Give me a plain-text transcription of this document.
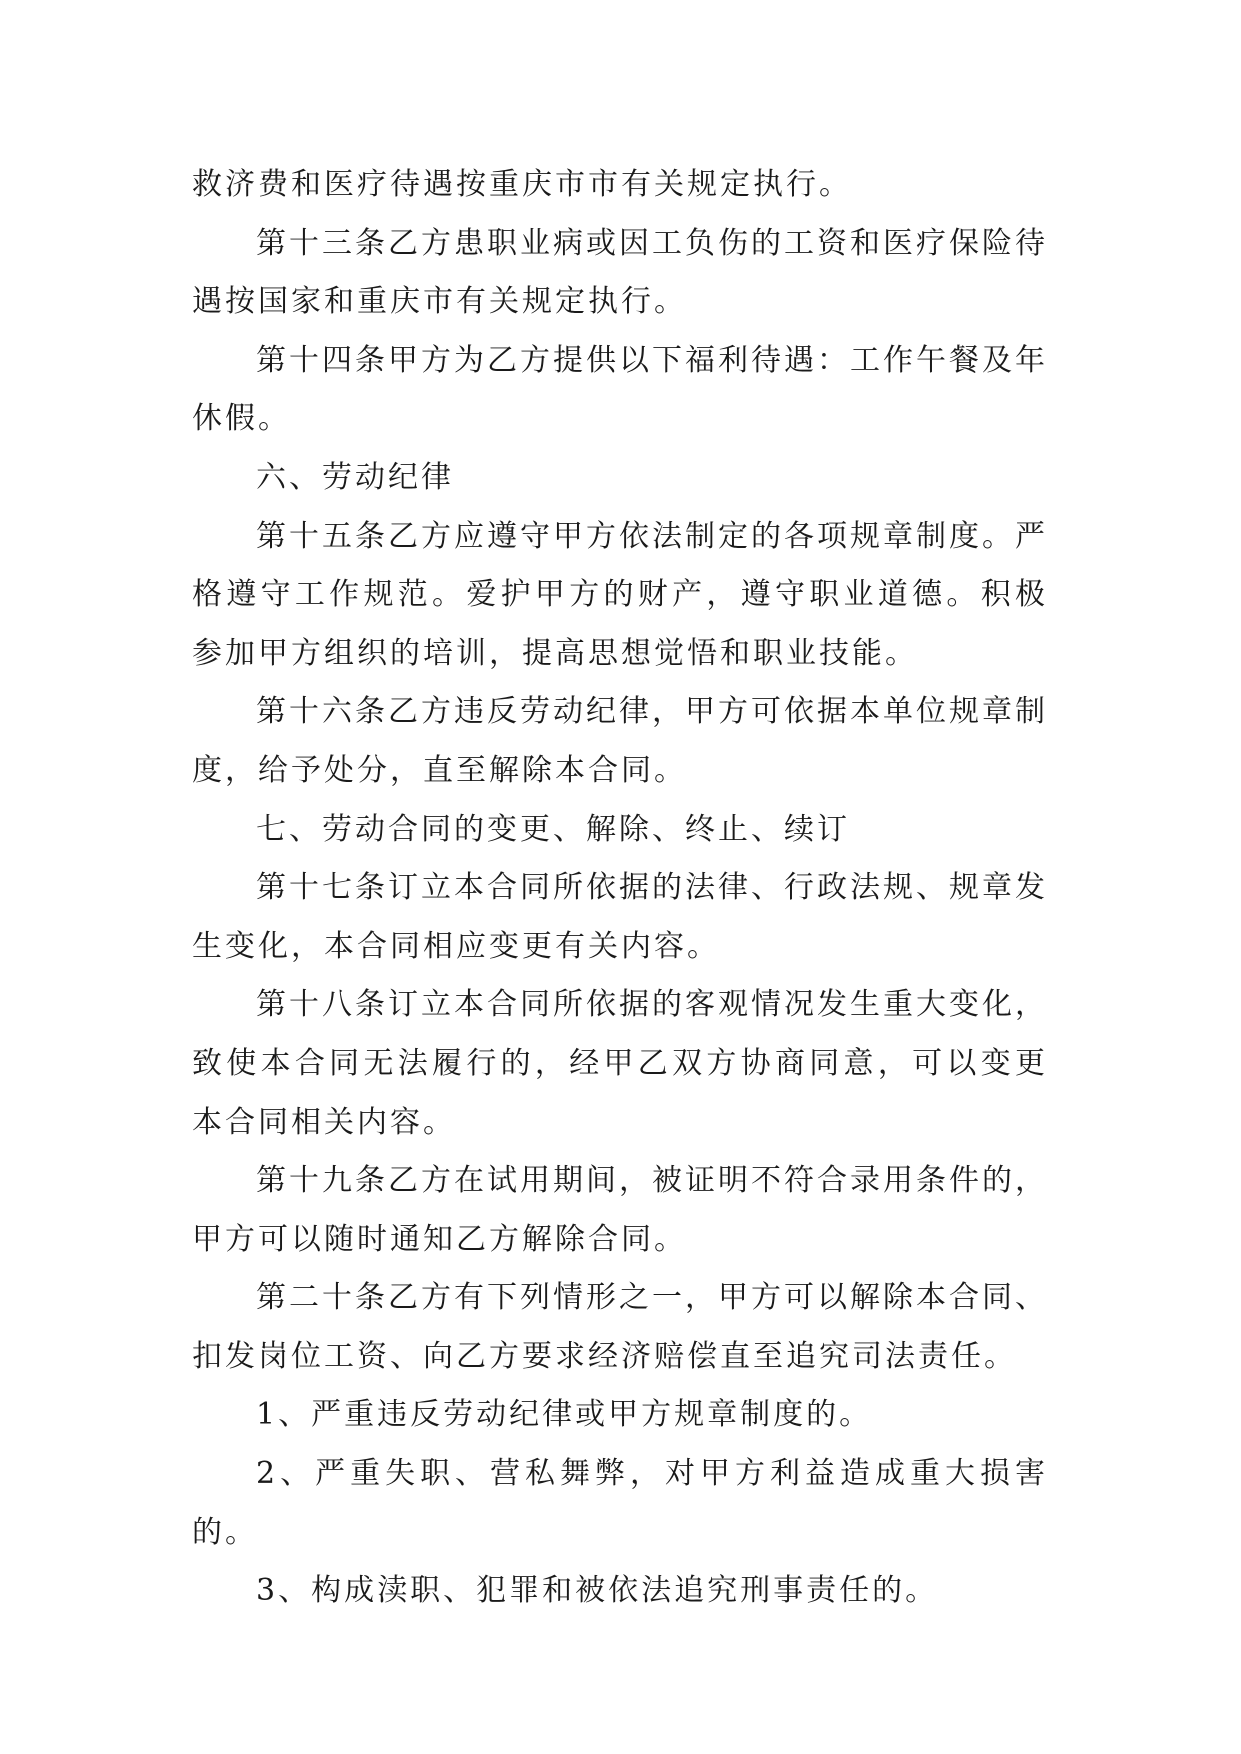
救济费和医疗待遇按重庆市市有关规定执行。

第十三条乙方患职业病或因工负伤的工资和医疗保险待遇按国家和重庆市有关规定执行。

第十四条甲方为乙方提供以下福利待遇：工作午餐及年休假。

六、劳动纪律

第十五条乙方应遵守甲方依法制定的各项规章制度。严格遵守工作规范。爱护甲方的财产，遵守职业道德。积极参加甲方组织的培训，提高思想觉悟和职业技能。

第十六条乙方违反劳动纪律，甲方可依据本单位规章制度，给予处分，直至解除本合同。

七、劳动合同的变更、解除、终止、续订

第十七条订立本合同所依据的法律、行政法规、规章发生变化，本合同相应变更有关内容。

第十八条订立本合同所依据的客观情况发生重大变化，致使本合同无法履行的，经甲乙双方协商同意，可以变更本合同相关内容。

第十九条乙方在试用期间，被证明不符合录用条件的，甲方可以随时通知乙方解除合同。

第二十条乙方有下列情形之一，甲方可以解除本合同、扣发岗位工资、向乙方要求经济赔偿直至追究司法责任。

1、严重违反劳动纪律或甲方规章制度的。

2、严重失职、营私舞弊，对甲方利益造成重大损害的。

3、构成渎职、犯罪和被依法追究刑事责任的。
